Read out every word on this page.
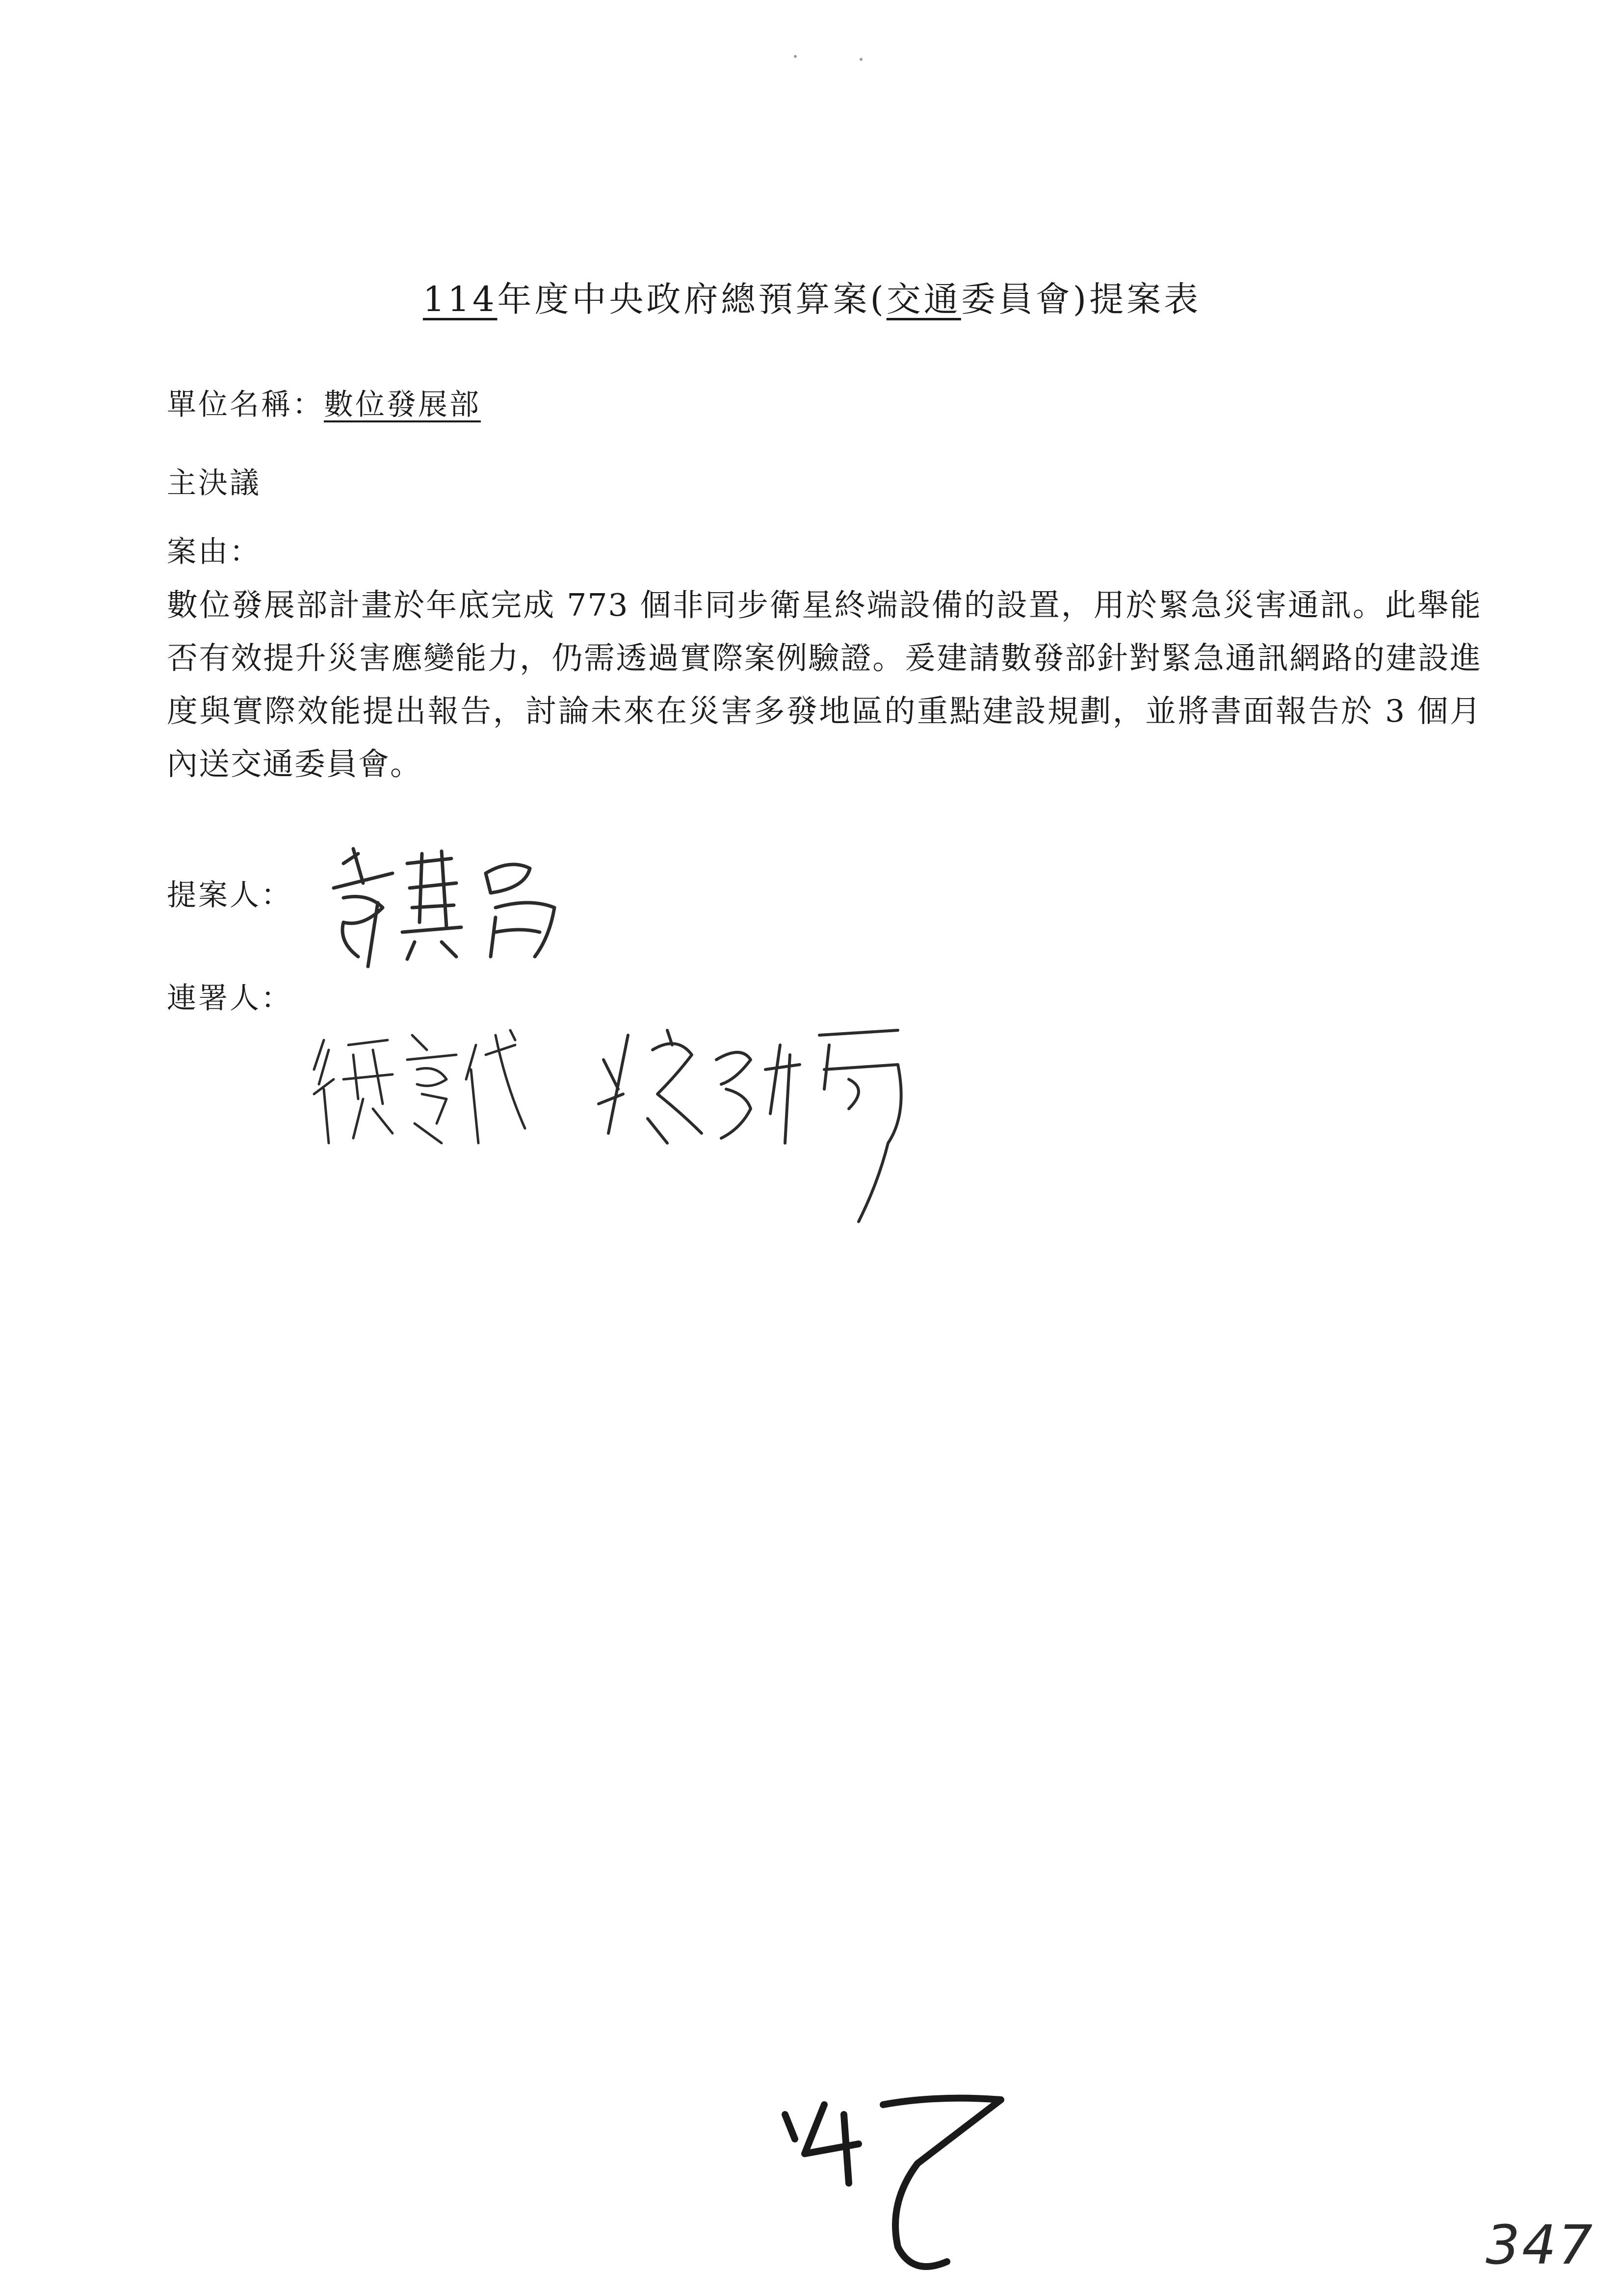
114年度中央政府總預算案(交通委員會)提案表
單位名稱：數位發展部
主決議
案由：

數位發展部計畫於年底完成 773 個非同步衛星終端設備的設置，用於緊急災害通訊。此舉能否有效提升災害應變能力，仍需透過實際案例驗證。爰建請數發部針對緊急通訊網路的建設進度與實際效能提出報告，討論未來在災害多發地區的重點建設規劃，並將書面報告於 3 個月內送交通委員會。

提案人：
連署人：
347
